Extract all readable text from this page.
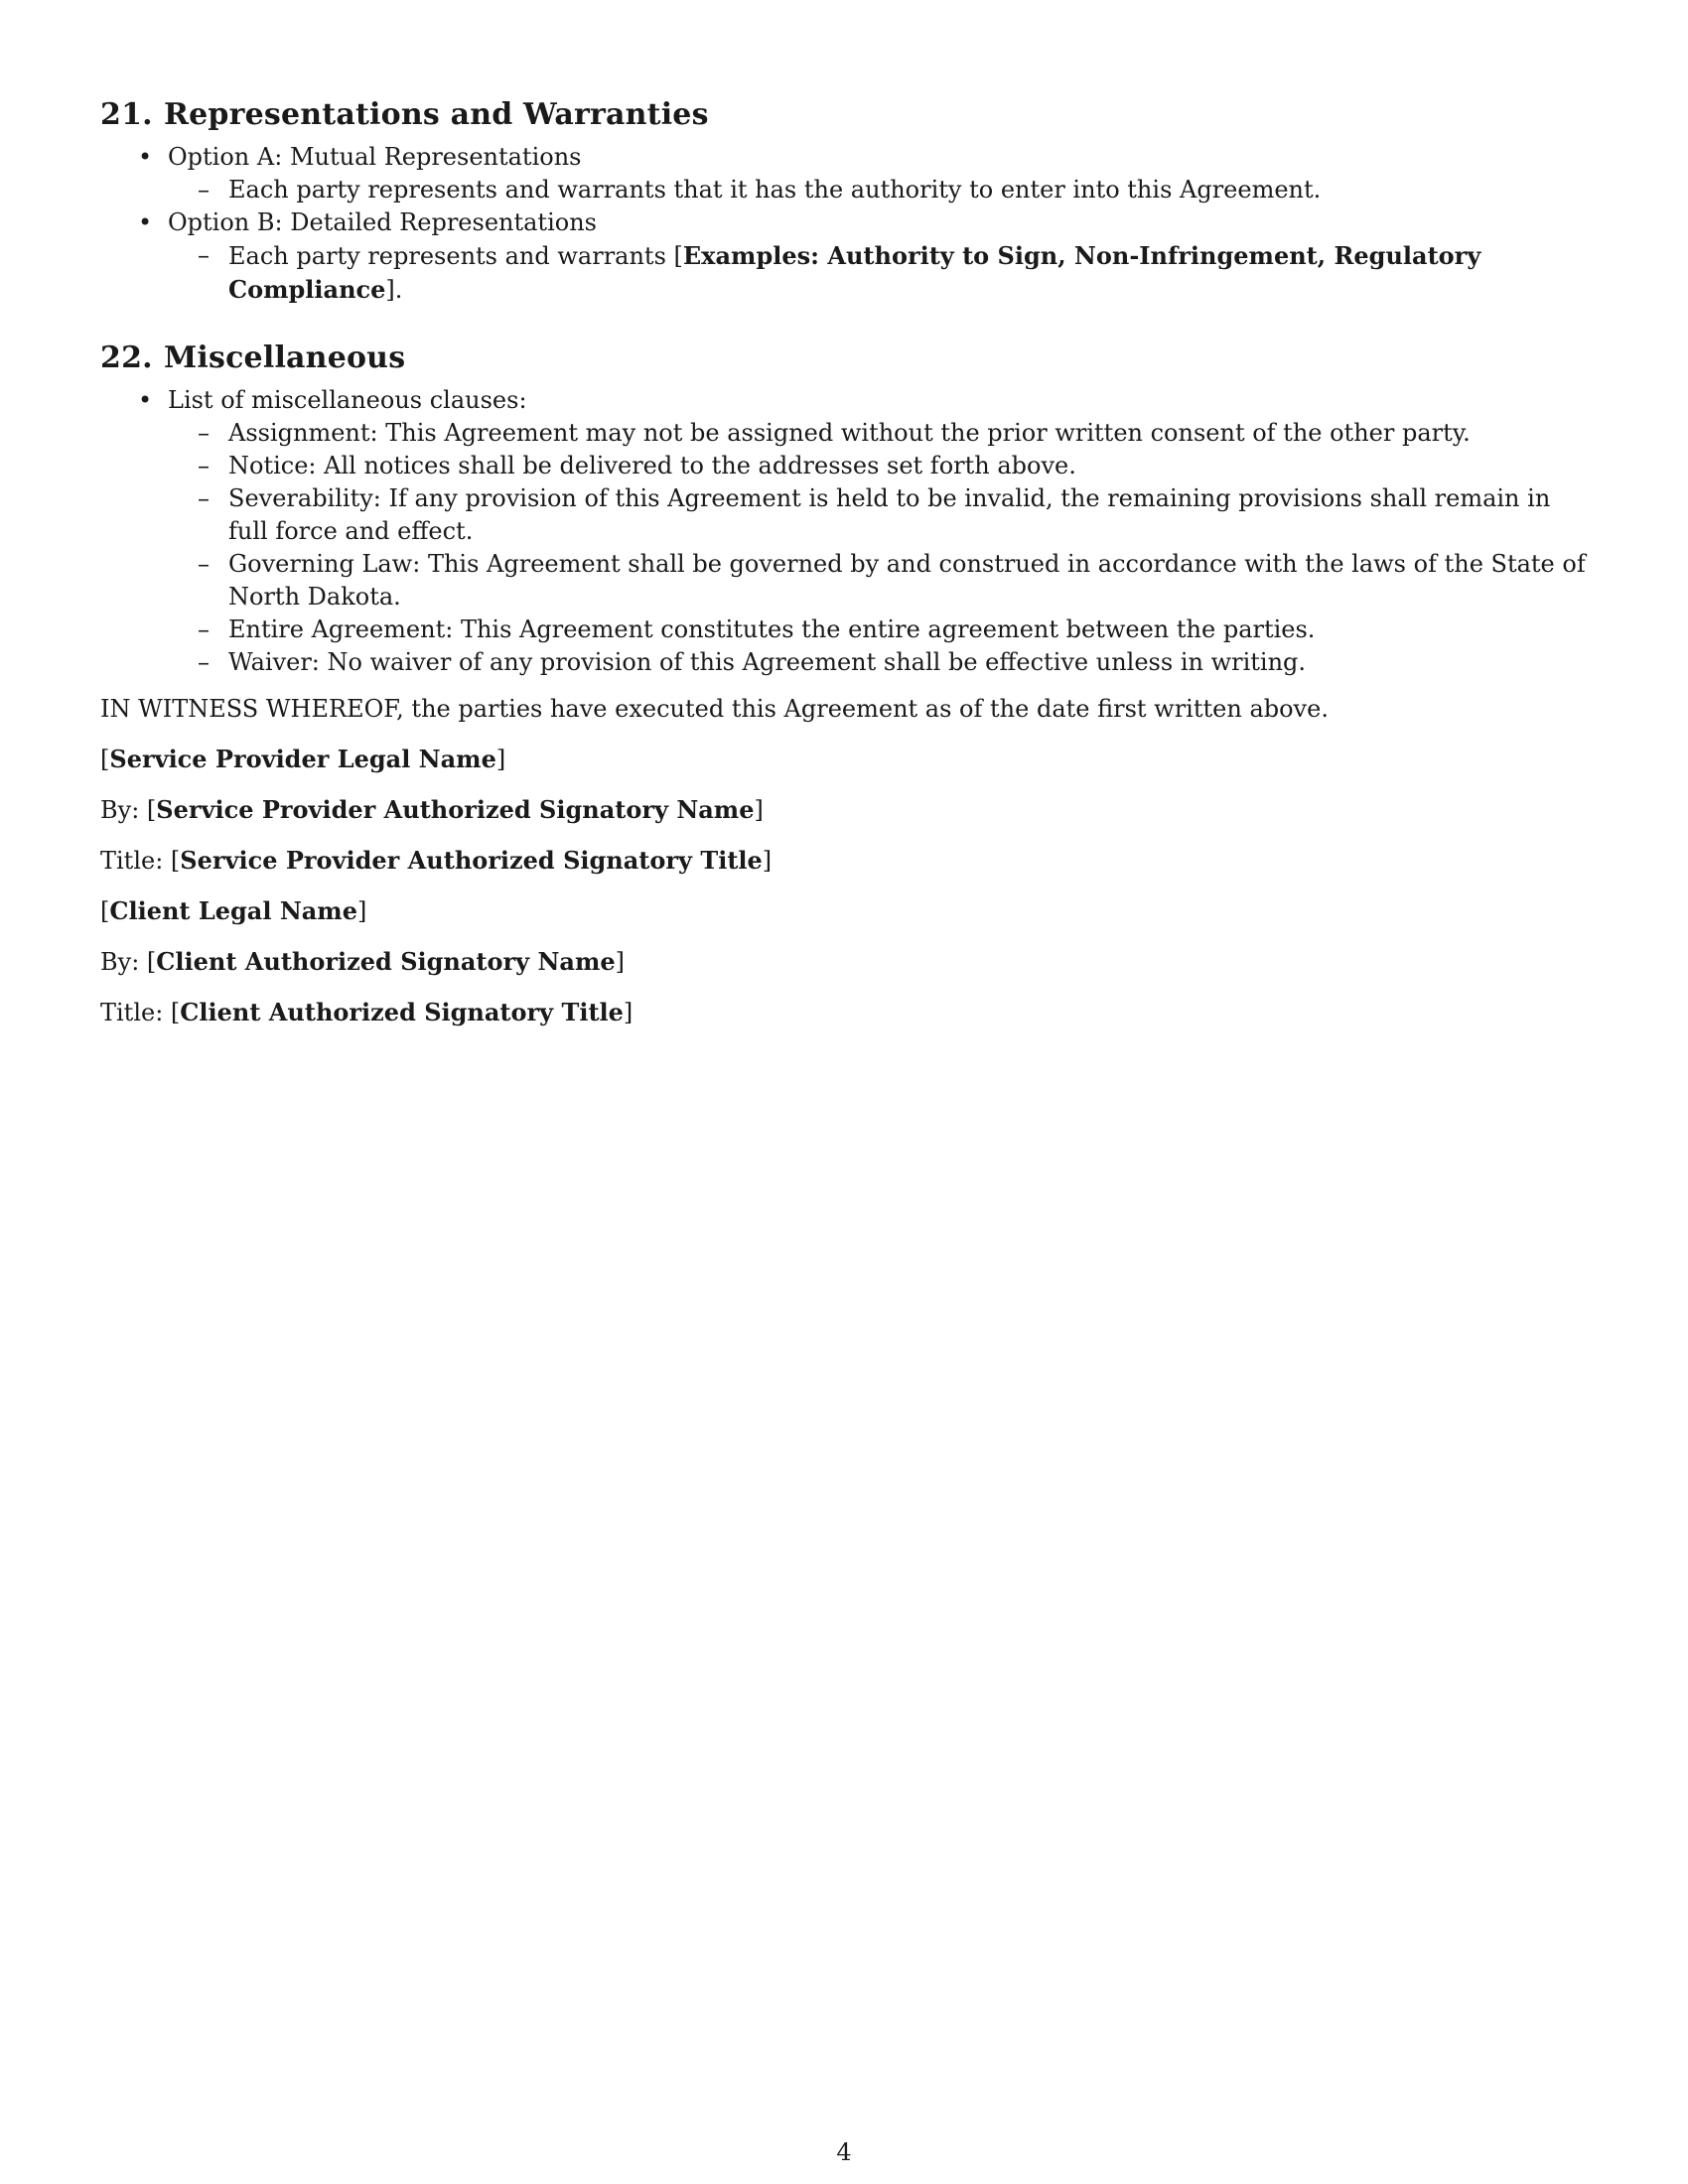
21. Representations and Warranties
• Option A: Mutual Representations
– Each party represents and warrants that it has the authority to enter into this Agreement.
• Option B: Detailed Representations
– Each party represents and warrants [Examples: Authority to Sign, Non-Infringement, Regulatory Compliance].
22. Miscellaneous
• List of miscellaneous clauses:
– Assignment: This Agreement may not be assigned without the prior written consent of the other party.
– Notice: All notices shall be delivered to the addresses set forth above.
– Severability: If any provision of this Agreement is held to be invalid, the remaining provisions shall remain in full force and effect.
– Governing Law: This Agreement shall be governed by and construed in accordance with the laws of the State of North Dakota.
– Entire Agreement: This Agreement constitutes the entire agreement between the parties.
– Waiver: No waiver of any provision of this Agreement shall be effective unless in writing.

IN WITNESS WHEREOF, the parties have executed this Agreement as of the date first written above.

[Service Provider Legal Name]

By: [Service Provider Authorized Signatory Name]

Title: [Service Provider Authorized Signatory Title]

[Client Legal Name]

By: [Client Authorized Signatory Name]

Title: [Client Authorized Signatory Title]

4
